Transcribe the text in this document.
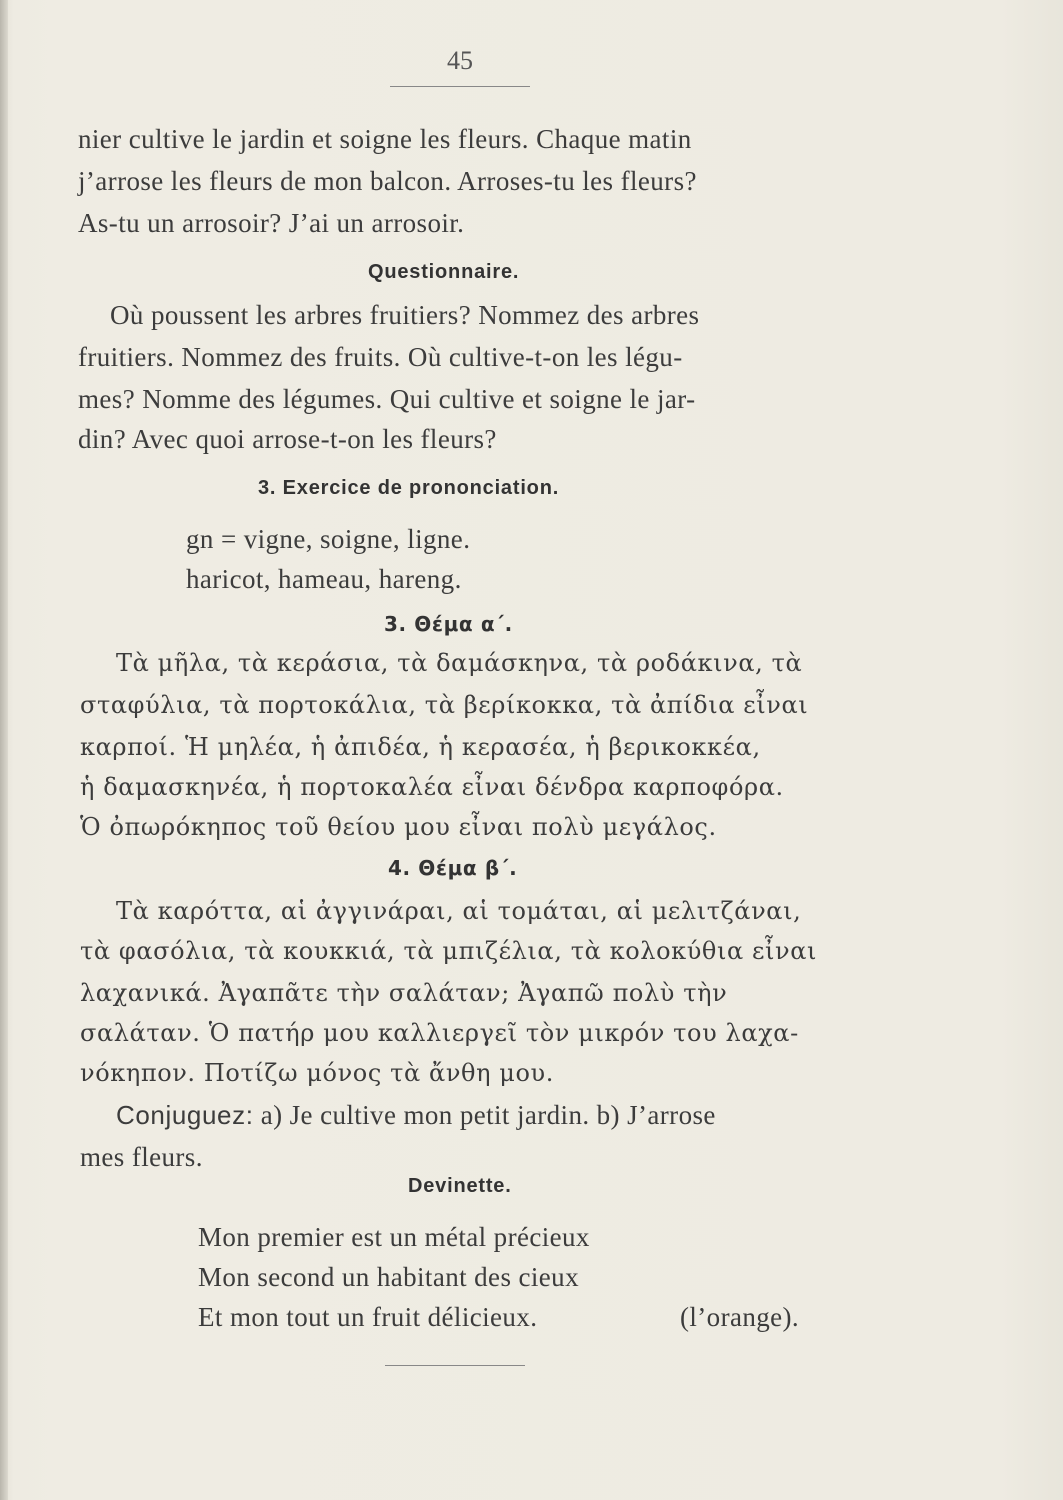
45
nier cultive le jardin et soigne les fleurs. Chaque matin
j’arrose les fleurs de mon balcon. Arroses-tu les fleurs?
As-tu un arrosoir? J’ai un arrosoir.
Questionnaire.
Où poussent les arbres fruitiers? Nommez des arbres
fruitiers. Nommez des fruits. Où cultive-t-on les légu-
mes? Nomme des légumes. Qui cultive et soigne le jar-
din? Avec quoi arrose-t-on les fleurs?
3. Exercice de prononciation.
gn = vigne, soigne, ligne.
haricot, hameau, hareng.
3. Θέμα α΄.
Τὰ μῆλα, τὰ κεράσια, τὰ δαμάσκηνα, τὰ ροδάκινα, τὰ
σταφύλια, τὰ πορτοκάλια, τὰ βερίκοκκα, τὰ ἀπίδια εἶναι
καρποί. Ἡ μηλέα, ἡ ἀπιδέα, ἡ κερασέα, ἡ βερικοκκέα,
ἡ δαμασκηνέα, ἡ πορτοκαλέα εἶναι δένδρα καρποφόρα.
Ὁ ὀπωρόκηπος τοῦ θείου μου εἶναι πολὺ μεγάλος.
4. Θέμα β΄.
Τὰ καρόττα, αἱ ἀγγινάραι, αἱ τομάται, αἱ μελιτζάναι,
τὰ φασόλια, τὰ κουκκιά, τὰ μπιζέλια, τὰ κολοκύθια εἶναι
λαχανικά. Ἀγαπᾶτε τὴν σαλάταν; Ἀγαπῶ πολὺ τὴν
σαλάταν. Ὁ πατήρ μου καλλιεργεῖ τὸν μικρόν του λαχα-
νόκηπον. Ποτίζω μόνος τὰ ἄνθη μου.
Conjuguez: a) Je cultive mon petit jardin. b) J’arrose
mes fleurs.
Devinette.
Mon premier est un métal précieux
Mon second un habitant des cieux
Et mon tout un fruit délicieux.	(l’orange).
